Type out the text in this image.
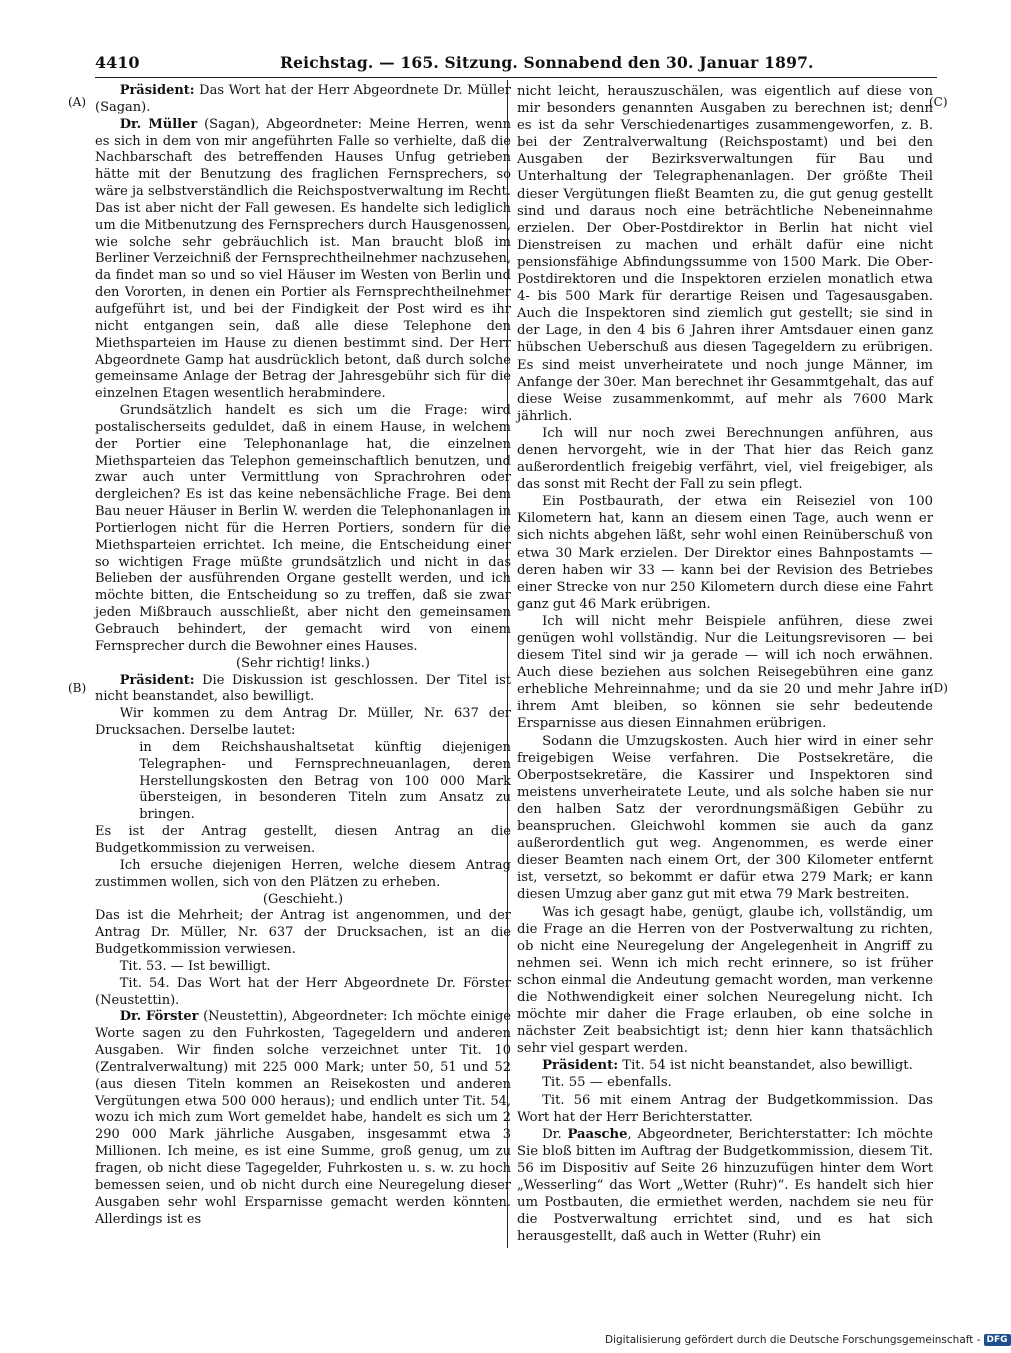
4410	Reichstag. — 165. Sitzung. Sonnabend den 30. Januar 1897.
(A)
(B)
(C)
(D)

Präsident: Das Wort hat der Herr Abgeordnete Dr. Müller (Sagan).

Dr. Müller (Sagan), Abgeordneter: Meine Herren, wenn es sich in dem von mir angeführten Falle so verhielte, daß die Nachbarschaft des betreffenden Hauses Unfug getrieben hätte mit der Benutzung des fraglichen Fernsprechers, so wäre ja selbstverständlich die Reichspostverwaltung im Recht. Das ist aber nicht der Fall gewesen. Es handelte sich lediglich um die Mitbenutzung des Fernsprechers durch Hausgenossen, wie solche sehr gebräuchlich ist. Man braucht bloß im Berliner Verzeichniß der Fernsprechtheilnehmer nachzusehen, da findet man so und so viel Häuser im Westen von Berlin und den Vororten, in denen ein Portier als Fernsprechtheilnehmer aufgeführt ist, und bei der Findigkeit der Post wird es ihr nicht entgangen sein, daß alle diese Telephone den Miethsparteien im Hause zu dienen bestimmt sind. Der Herr Abgeordnete Gamp hat ausdrücklich betont, daß durch solche gemeinsame Anlage der Betrag der Jahresgebühr sich für die einzelnen Etagen wesentlich herabmindere.

Grundsätzlich handelt es sich um die Frage: wird postalischerseits geduldet, daß in einem Hause, in welchem der Portier eine Telephonanlage hat, die einzelnen Miethsparteien das Telephon gemeinschaftlich benutzen, und zwar auch unter Vermittlung von Sprachrohren oder dergleichen? Es ist das keine nebensächliche Frage. Bei dem Bau neuer Häuser in Berlin W. werden die Telephonanlagen in Portierlogen nicht für die Herren Portiers, sondern für die Miethsparteien errichtet. Ich meine, die Entscheidung einer so wichtigen Frage müßte grundsätzlich und nicht in das Belieben der ausführenden Organe gestellt werden, und ich möchte bitten, die Entscheidung so zu treffen, daß sie zwar jeden Mißbrauch ausschließt, aber nicht den gemeinsamen Gebrauch behindert, der gemacht wird von einem Fernsprecher durch die Bewohner eines Hauses.

(Sehr richtig! links.)

Präsident: Die Diskussion ist geschlossen. Der Titel ist nicht beanstandet, also bewilligt.

Wir kommen zu dem Antrag Dr. Müller, Nr. 637 der Drucksachen. Derselbe lautet:

in dem Reichshaushaltsetat künftig diejenigen Telegraphen- und Fernsprechneuanlagen, deren Herstellungskosten den Betrag von 100 000 Mark übersteigen, in besonderen Titeln zum Ansatz zu bringen.

Es ist der Antrag gestellt, diesen Antrag an die Budgetkommission zu verweisen.

Ich ersuche diejenigen Herren, welche diesem Antrag zustimmen wollen, sich von den Plätzen zu erheben.

(Geschieht.)

Das ist die Mehrheit; der Antrag ist angenommen, und der Antrag Dr. Müller, Nr. 637 der Drucksachen, ist an die Budgetkommission verwiesen.

Tit. 53. — Ist bewilligt.

Tit. 54. Das Wort hat der Herr Abgeordnete Dr. Förster (Neustettin).

Dr. Förster (Neustettin), Abgeordneter: Ich möchte einige Worte sagen zu den Fuhrkosten, Tagegeldern und anderen Ausgaben. Wir finden solche verzeichnet unter Tit. 10 (Zentralverwaltung) mit 225 000 Mark; unter 50, 51 und 52 (aus diesen Titeln kommen an Reisekosten und anderen Vergütungen etwa 500 000 heraus); und endlich unter Tit. 54, wozu ich mich zum Wort gemeldet habe, handelt es sich um 2 290 000 Mark jährliche Ausgaben, insgesammt etwa 3 Millionen. Ich meine, es ist eine Summe, groß genug, um zu fragen, ob nicht diese Tagegelder, Fuhrkosten u. s. w. zu hoch bemessen seien, und ob nicht durch eine Neuregelung dieser Ausgaben sehr wohl Ersparnisse gemacht werden könnten. Allerdings ist es

nicht leicht, herauszuschälen, was eigentlich auf diese von mir besonders genannten Ausgaben zu berechnen ist; denn es ist da sehr Verschiedenartiges zusammengeworfen, z. B. bei der Zentralverwaltung (Reichspostamt) und bei den Ausgaben der Bezirksverwaltungen für Bau und Unterhaltung der Telegraphenanlagen. Der größte Theil dieser Vergütungen fließt Beamten zu, die gut genug gestellt sind und daraus noch eine beträchtliche Nebeneinnahme erzielen. Der Ober-Postdirektor in Berlin hat nicht viel Dienstreisen zu machen und erhält dafür eine nicht pensionsfähige Abfindungssumme von 1500 Mark. Die Ober-Postdirektoren und die Inspektoren erzielen monatlich etwa 4- bis 500 Mark für derartige Reisen und Tagesausgaben. Auch die Inspektoren sind ziemlich gut gestellt; sie sind in der Lage, in den 4 bis 6 Jahren ihrer Amtsdauer einen ganz hübschen Ueberschuß aus diesen Tagegeldern zu erübrigen. Es sind meist unverheiratete und noch junge Männer, im Anfange der 30er. Man berechnet ihr Gesammtgehalt, das auf diese Weise zusammenkommt, auf mehr als 7600 Mark jährlich.

Ich will nur noch zwei Berechnungen anführen, aus denen hervorgeht, wie in der That hier das Reich ganz außerordentlich freigebig verfährt, viel, viel freigebiger, als das sonst mit Recht der Fall zu sein pflegt.

Ein Postbaurath, der etwa ein Reiseziel von 100 Kilometern hat, kann an diesem einen Tage, auch wenn er sich nichts abgehen läßt, sehr wohl einen Reinüberschuß von etwa 30 Mark erzielen. Der Direktor eines Bahnpostamts — deren haben wir 33 — kann bei der Revision des Betriebes einer Strecke von nur 250 Kilometern durch diese eine Fahrt ganz gut 46 Mark erübrigen.

Ich will nicht mehr Beispiele anführen, diese zwei genügen wohl vollständig. Nur die Leitungsrevisoren — bei diesem Titel sind wir ja gerade — will ich noch erwähnen. Auch diese beziehen aus solchen Reisegebühren eine ganz erhebliche Mehreinnahme; und da sie 20 und mehr Jahre in ihrem Amt bleiben, so können sie sehr bedeutende Ersparnisse aus diesen Einnahmen erübrigen.

Sodann die Umzugskosten. Auch hier wird in einer sehr freigebigen Weise verfahren. Die Postsekretäre, die Oberpostsekretäre, die Kassirer und Inspektoren sind meistens unverheiratete Leute, und als solche haben sie nur den halben Satz der verordnungsmäßigen Gebühr zu beanspruchen. Gleichwohl kommen sie auch da ganz außerordentlich gut weg. Angenommen, es werde einer dieser Beamten nach einem Ort, der 300 Kilometer entfernt ist, versetzt, so bekommt er dafür etwa 279 Mark; er kann diesen Umzug aber ganz gut mit etwa 79 Mark bestreiten.

Was ich gesagt habe, genügt, glaube ich, vollständig, um die Frage an die Herren von der Postverwaltung zu richten, ob nicht eine Neuregelung der Angelegenheit in Angriff zu nehmen sei. Wenn ich mich recht erinnere, so ist früher schon einmal die Andeutung gemacht worden, man verkenne die Nothwendigkeit einer solchen Neuregelung nicht. Ich möchte mir daher die Frage erlauben, ob eine solche in nächster Zeit beabsichtigt ist; denn hier kann thatsächlich sehr viel gespart werden.

Präsident: Tit. 54 ist nicht beanstandet, also bewilligt.

Tit. 55 — ebenfalls.

Tit. 56 mit einem Antrag der Budgetkommission. Das Wort hat der Herr Berichterstatter.

Dr. Paasche, Abgeordneter, Berichterstatter: Ich möchte Sie bloß bitten im Auftrag der Budgetkommission, diesem Tit. 56 im Dispositiv auf Seite 26 hinzuzufügen hinter dem Wort „Wesserling“ das Wort „Wetter (Ruhr)“. Es handelt sich hier um Postbauten, die ermiethet werden, nachdem sie neu für die Postverwaltung errichtet sind, und es hat sich herausgestellt, daß auch in Wetter (Ruhr) ein

Digitalisierung gefördert durch die Deutsche Forschungsgemeinschaft - DFG
